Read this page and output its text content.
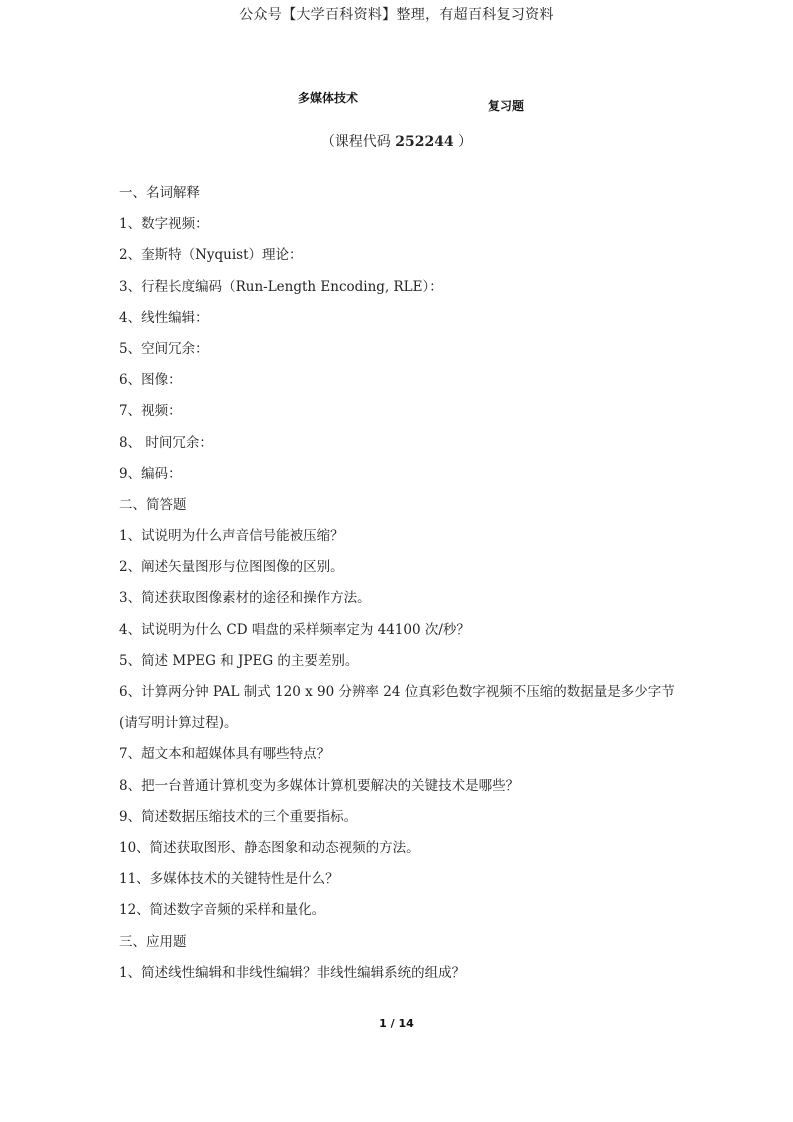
公众号【大学百科资料】整理，有超百科复习资料
多媒体技术
复习题
（课程代码 252244 ）
一、名词解释
1、数字视频：
2、奎斯特（Nyquist）理论：
3、行程长度编码（Run-Length Encoding, RLE）：
4、线性编辑：
5、空间冗余：
6、图像：
7、视频：
8、 时间冗余：
9、编码：
二、简答题
1、试说明为什么声音信号能被压缩？
2、阐述矢量图形与位图图像的区别。
3、简述获取图像素材的途径和操作方法。
4、试说明为什么 CD 唱盘的采样频率定为 44100 次/秒？
5、简述 MPEG 和 JPEG 的主要差别。
6、计算两分钟 PAL 制式 120 x 90 分辨率 24 位真彩色数字视频不压缩的数据量是多少字节(请写明计算过程)。
7、超文本和超媒体具有哪些特点？
8、把一台普通计算机变为多媒体计算机要解决的关键技术是哪些？
9、简述数据压缩技术的三个重要指标。
10、简述获取图形、静态图象和动态视频的方法。
11、多媒体技术的关键特性是什么？
12、简述数字音频的采样和量化。
三、应用题
1、简述线性编辑和非线性编辑？非线性编辑系统的组成？
1 / 14
